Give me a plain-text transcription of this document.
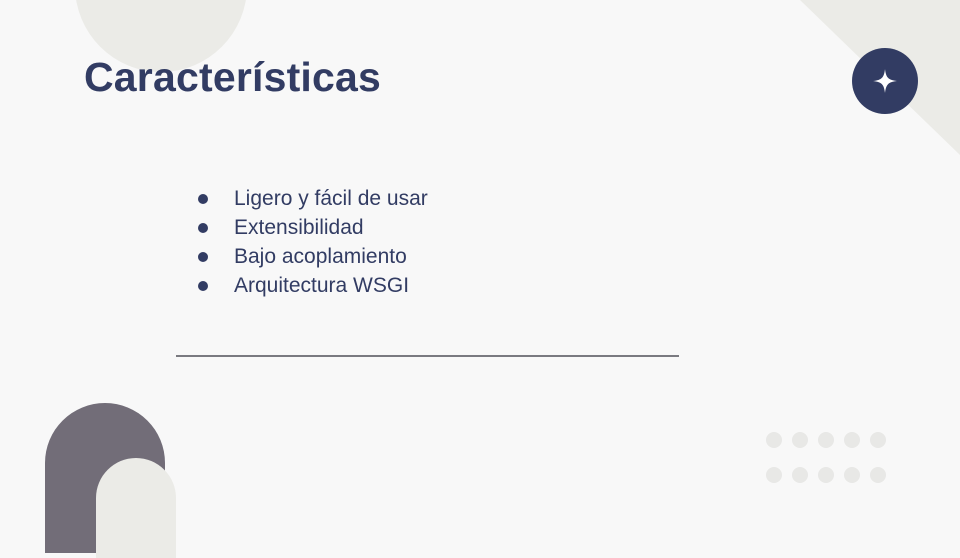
Características
Ligero y fácil de usar
Extensibilidad
Bajo acoplamiento
Arquitectura WSGI
